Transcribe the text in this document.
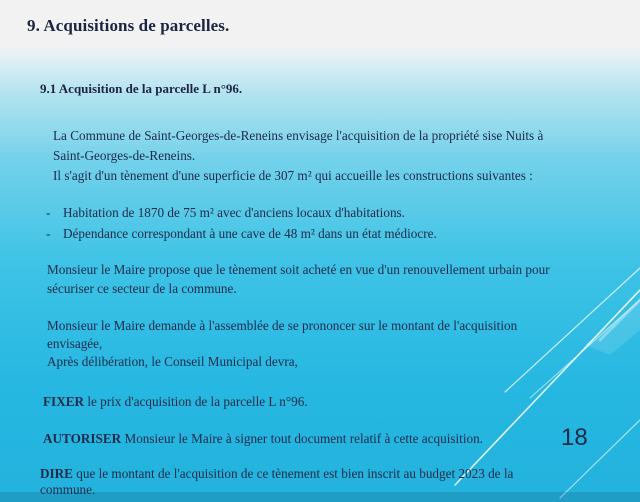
9. Acquisitions de parcelles.
9.1 Acquisition de la parcelle L n°96.

La Commune de Saint-Georges-de-Reneins envisage l'acquisition de la propriété sise Nuits à

Saint-Georges-de-Reneins.

Il s'agit d'un tènement d'une superficie de 307 m² qui accueille les constructions suivantes :

- Habitation de 1870 de 75 m² avec d'anciens locaux d'habitations.
- Dépendance correspondant à une cave de 48 m² dans un état médiocre.

Monsieur le Maire propose que le tènement soit acheté en vue d'un renouvellement urbain pour

sécuriser ce secteur de la commune.

Monsieur le Maire demande à l'assemblée de se prononcer sur le montant de l'acquisition

envisagée,

Après délibération, le Conseil Municipal devra,

FIXER le prix d'acquisition de la parcelle L n°96.

AUTORISER Monsieur le Maire à signer tout document relatif à cette acquisition.	18

DIRE que le montant de l'acquisition de ce tènement est bien inscrit au budget 2023 de la

commune.
